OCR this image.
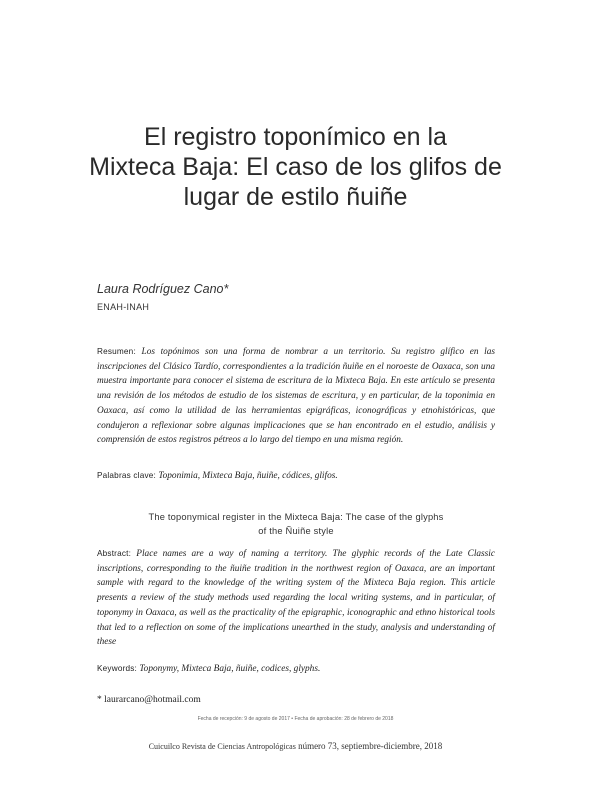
El registro toponímico en la
Mixteca Baja: El caso de los glifos de
lugar de estilo ñuiñe
Laura Rodríguez Cano*
ENAH-INAH
Resumen: Los topónimos son una forma de nombrar a un territorio. Su registro glífico en las inscripciones del Clásico Tardío, correspondientes a la tradición ñuiñe en el noroeste de Oaxaca, son una muestra importante para conocer el sistema de escritura de la Mixteca Baja. En este artículo se presenta una revisión de los métodos de estudio de los sistemas de escritura, y en particular, de la toponimia en Oaxaca, así como la utilidad de las herramientas epigráficas, iconográficas y etnohistóricas, que condujeron a reflexionar sobre algunas implicaciones que se han encontrado en el estudio, análisis y comprensión de estos registros pétreos a lo largo del tiempo en una misma región.
Palabras clave: Toponimia, Mixteca Baja, ñuiñe, códices, glifos.
The toponymical register in the Mixteca Baja: The case of the glyphs
of the Ñuiñe style
Abstract: Place names are a way of naming a territory. The glyphic records of the Late Classic inscriptions, corresponding to the ñuiñe tradition in the northwest region of Oaxaca, are an important sample with regard to the knowledge of the writing system of the Mixteca Baja region. This article presents a review of the study methods used regarding the local writing systems, and in particular, of toponymy in Oaxaca, as well as the practicality of the epigraphic, iconographic and ethno historical tools that led to a reflection on some of the implications unearthed in the study, analysis and understanding of these
Keywords: Toponymy, Mixteca Baja, ñuiñe, codices, glyphs.
* laurarcano@hotmail.com
Fecha de recepción: 9 de agosto de 2017 • Fecha de aprobación: 28 de febrero de 2018
Cuicuilco Revista de Ciencias Antropológicas número 73, septiembre-diciembre, 2018
